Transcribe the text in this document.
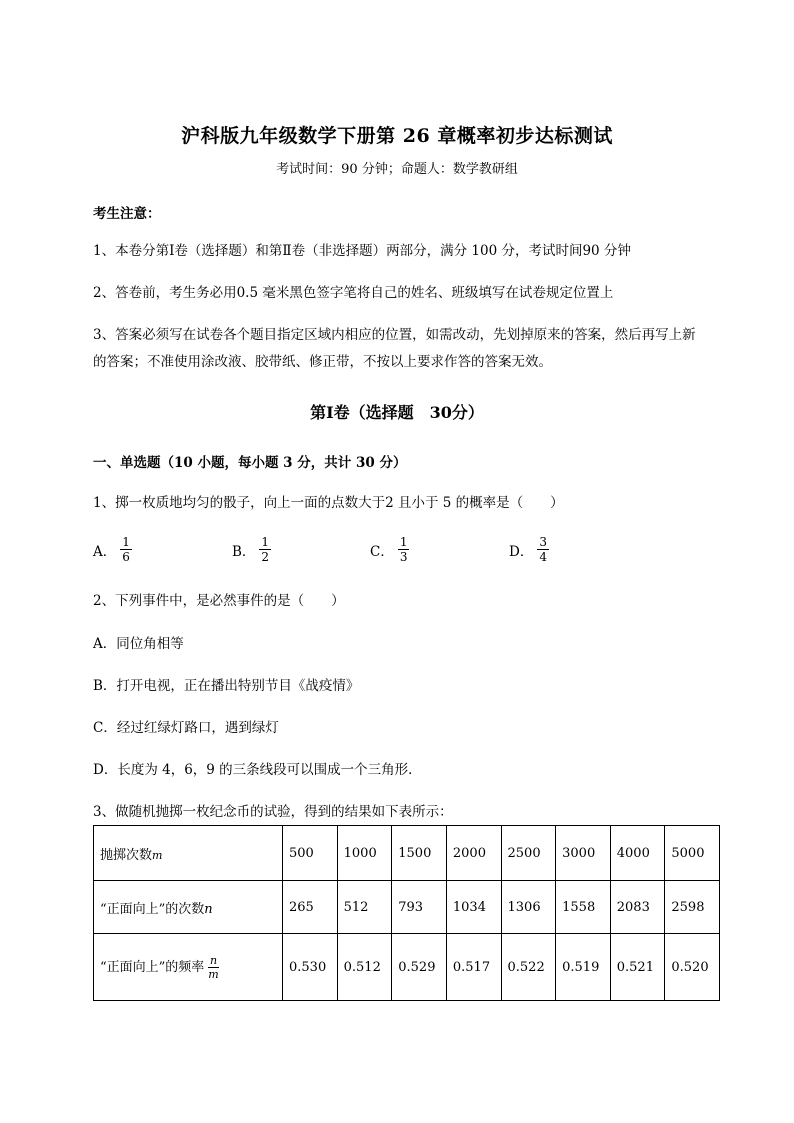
沪科版九年级数学下册第 26 章概率初步达标测试
考试时间：90 分钟；命题人：数学教研组
考生注意：
1、本卷分第Ⅰ卷（选择题）和第Ⅱ卷（非选择题）两部分，满分 100 分，考试时间90 分钟
2、答卷前，考生务必用0.5 毫米黑色签字笔将自己的姓名、班级填写在试卷规定位置上
3、答案必须写在试卷各个题目指定区域内相应的位置，如需改动，先划掉原来的答案，然后再写上新
的答案；不准使用涂改液、胶带纸、修正带，不按以上要求作答的答案无效。
第Ⅰ卷（选择题　30分）
一、单选题（10 小题，每小题 3 分，共计 30 分）
1、掷一枚质地均匀的骰子，向上一面的点数大于2 且小于 5 的概率是（　　）
A． $\frac{1}{6}$	B． $\frac{1}{2}$	C． $\frac{1}{3}$	D． $\frac{3}{4}$
2、下列事件中，是必然事件的是（　　）
A．同位角相等
B．打开电视，正在播出特别节目《战疫情》
C．经过红绿灯路口，遇到绿灯
D．长度为 4，6，9 的三条线段可以围成一个三角形．
3、做随机抛掷一枚纪念币的试验，得到的结果如下表所示：
抛掷次数m	500	1000	1500	2000	2500	3000	4000	5000
“正面向上”的次数n	265	512	793	1034	1306	1558	2083	2598
“正面向上”的频率 $\frac{n}{m}$	0.530	0.512	0.529	0.517	0.522	0.519	0.521	0.520
